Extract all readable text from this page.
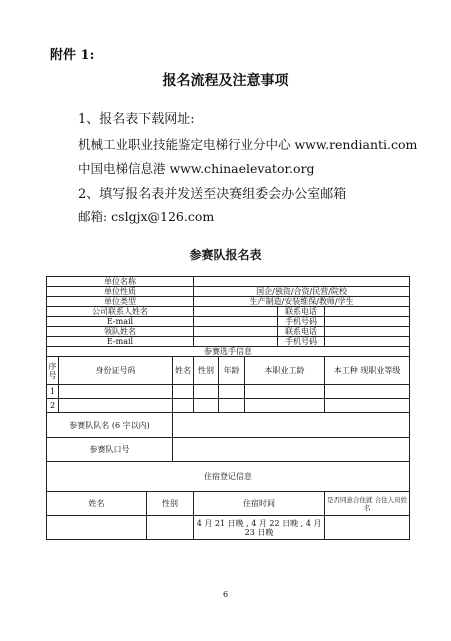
附件 1:
报名流程及注意事项
1、报名表下载网址:
机械工业职业技能鉴定电梯行业分中心 www.rendianti.com
中国电梯信息港 www.chinaelevator.org
2、填写报名表并发送至决赛组委会办公室邮箱
邮箱: cslgjx@126.com
参赛队报名表
单位名称								
单位性质				国企/独资/合资/民营/院校				
单位类型				生产制造/安装维保/教师/学生				
公司联系人姓名							联系电话	
E-mail							手机号码	
领队姓名							联系电话	
E-mail							手机号码	
参赛选手信息								
序号	身份证号码		姓名	性别	年龄	本职业工龄		本工种 现职业等级
1								
2								
参赛队队名 (6 字以内)								
参赛队口号								
住宿登记信息								
姓名		性别		住宿时间				是否同意合住就 合住人员姓名
				4 月 21 日晚 , 4 月 22 日晚 , 4 月 23 日晚				
6
